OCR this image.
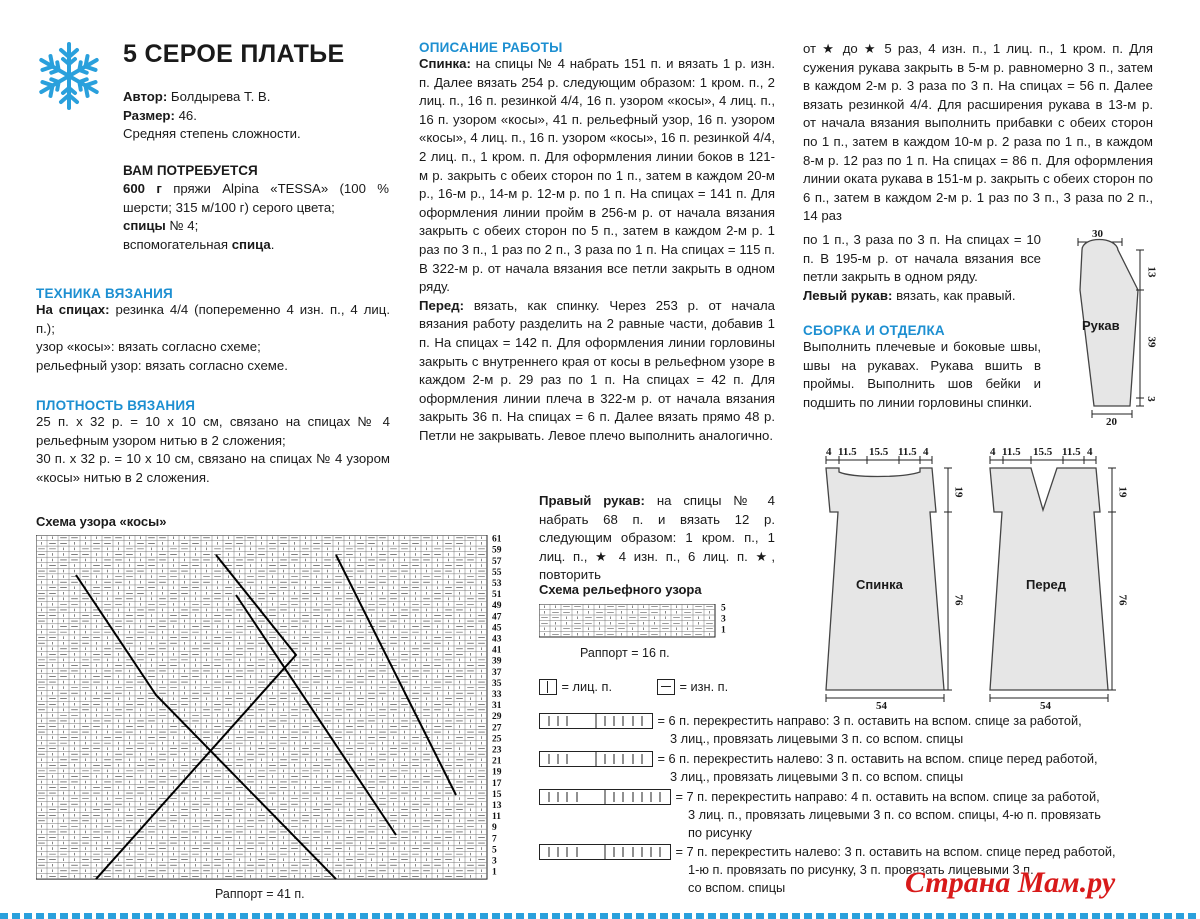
5 СЕРОЕ ПЛАТЬЕ

Автор: Болдырева Т. В.

Размер: 46.

Средняя степень сложности.

ВАМ ПОТРЕБУЕТСЯ

600 г пряжи Alpina «TESSA» (100 % шерсти; 315 м/100 г) серого цвета;

спицы № 4;

вспомогательная спица.

ТЕХНИКА ВЯЗАНИЯ

На спицах: резинка 4/4 (попеременно 4 изн. п., 4 лиц. п.);

узор «косы»: вязать согласно схеме;

рельефный узор: вязать согласно схеме.

ПЛОТНОСТЬ ВЯЗАНИЯ

25 п. x 32 р. = 10 x 10 см, связано на спицах № 4 рельефным узором нитью в 2 сложения;

30 п. x 32 р. = 10 x 10 см, связано на спицах № 4 узором «косы» нитью в 2 сложения.

Схема узора «косы»
61
59
57
55
53
51
49
47
45
43
41
39
37
35
33
31
29
27
25
23
21
19
17
15
13
11
9
7
5
3
1
Раппорт = 41 п.
ОПИСАНИЕ РАБОТЫ

Спинка: на спицы № 4 набрать 151 п. и вязать 1 р. изн. п. Далее вязать 254 р. следующим образом: 1 кром. п., 2 лиц. п., 16 п. резинкой 4/4, 16 п. узором «косы», 4 лиц. п., 16 п. узором «косы», 41 п. рельефный узор, 16 п. узором «косы», 4 лиц. п., 16 п. узором «косы», 16 п. резинкой 4/4, 2 лиц. п., 1 кром. п. Для оформления линии боков в 121-м р. закрыть с обеих сторон по 1 п., затем в каждом 20-м р., 16-м р., 14-м р. 12-м р. по 1 п. На спицах = 141 п. Для оформления линии пройм в 256-м р. от начала вязания закрыть с обеих сторон по 5 п., затем в каждом 2-м р. 1 раз по 3 п., 1 раз по 2 п., 3 раза по 1 п. На спицах = 115 п. В 322-м р. от начала вязания все петли закрыть в одном ряду.

Перед: вязать, как спинку. Через 253 р. от начала вязания работу разделить на 2 равные части, добавив 1 п. На спицах = 142 п. Для оформления линии горловины закрыть с внутреннего края от косы в рельефном узоре в каждом 2-м р. 29 раз по 1 п. На спицах = 42 п. Для оформления линии плеча в 322-м р. от начала вязания закрыть 36 п. На спицах = 6 п. Далее вязать прямо 48 р. Петли не закрывать. Левое плечо выполнить аналогично.

Правый рукав: на спицы № 4 набрать 68 п. и вязать 12 р. следующим образом: 1 кром. п., 1 лиц. п., ★ 4 изн. п., 6 лиц. п. ★, повторить

Схема рельефного узора
5
3
1
Раппорт = 16 п.
= лиц. п.	= изн. п.
= 6 п. перекрестить направо: 3 п. оставить на вспом. спице за работой,
3 лиц., провязать лицевыми 3 п. со вспом. спицы
= 6 п. перекрестить налево: 3 п. оставить на вспом. спице перед работой,
3 лиц., провязать лицевыми 3 п. со вспом. спицы
= 7 п. перекрестить направо: 4 п. оставить на вспом. спице за работой,
3 лиц. п., провязать лицевыми 3 п. со вспом. спицы, 4-ю п. провязать
по рисунку
= 7 п. перекрестить налево: 3 п. оставить на вспом. спице перед работой,
1-ю п. провязать по рисунку, 3 п. провязать лицевыми 3 п.
со вспом. спицы

от ★ до ★ 5 раз, 4 изн. п., 1 лиц. п., 1 кром. п. Для сужения рукава закрыть в 5-м р. равномерно 3 п., затем в каждом 2-м р. 3 раза по 3 п. На спицах = 56 п. Далее вязать резинкой 4/4. Для расширения рукава в 13-м р. от начала вязания выполнить прибавки с обеих сторон по 1 п., затем в каждом 10-м р. 2 раза по 1 п., в каждом 8-м р. 12 раз по 1 п. На спицах = 86 п. Для оформления линии оката рукава в 151-м р. закрыть с обеих сторон по 6 п., затем в каждом 2-м р. 1 раз по 3 п., 3 раза по 2 п., 14 раз

по 1 п., 3 раза по 3 п. На спицах = 10 п. В 195-м р. от начала вязания все петли закрыть в одном ряду.

Левый рукав: вязать, как правый.

СБОРКА И ОТДЕЛКА

Выполнить плечевые и боковые швы, швы на рукавах. Рукава вшить в проймы. Выполнить шов бейки и подшить по линии горловины спинки.

30
Рукав
13
39
3
20
4 11.5 15.5 11.5 4
Спинка
19
76
54
4 11.5 15.5 11.5 4
Перед
19
76
54
Страна Мам.ру
